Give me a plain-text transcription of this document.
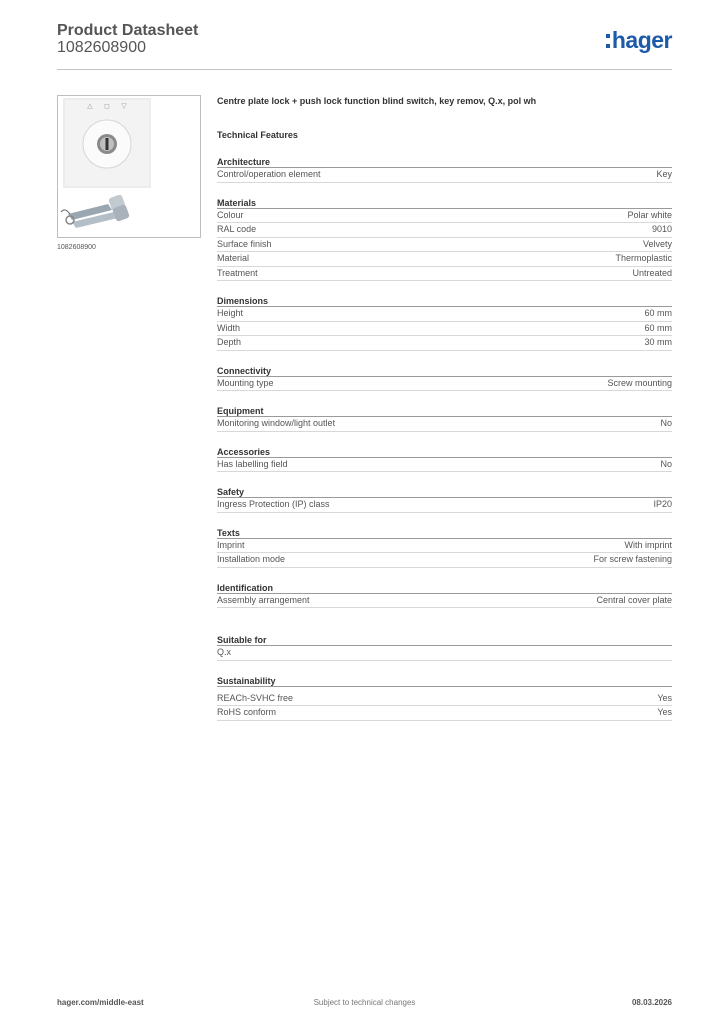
Product Datasheet
1082608900	hager
△ ◻ ▽
1082608900
Centre plate lock + push lock function blind switch, key remov, Q.x, pol wh
Technical Features
Architecture
Control/operation element	Key
Materials
Colour	Polar white
RAL code	9010
Surface finish	Velvety
Material	Thermoplastic
Treatment	Untreated
Dimensions
Height	60 mm
Width	60 mm
Depth	30 mm
Connectivity
Mounting type	Screw mounting
Equipment
Monitoring window/light outlet	No
Accessories
Has labelling field	No
Safety
Ingress Protection (IP) class	IP20
Texts
Imprint	With imprint
Installation mode	For screw fastening
Identification
Assembly arrangement	Central cover plate
Suitable for
Q.x
Sustainability
REACh-SVHC free	Yes
RoHS conform	Yes
Subject to technical changes
hager.com/middle-east	08.03.2026
